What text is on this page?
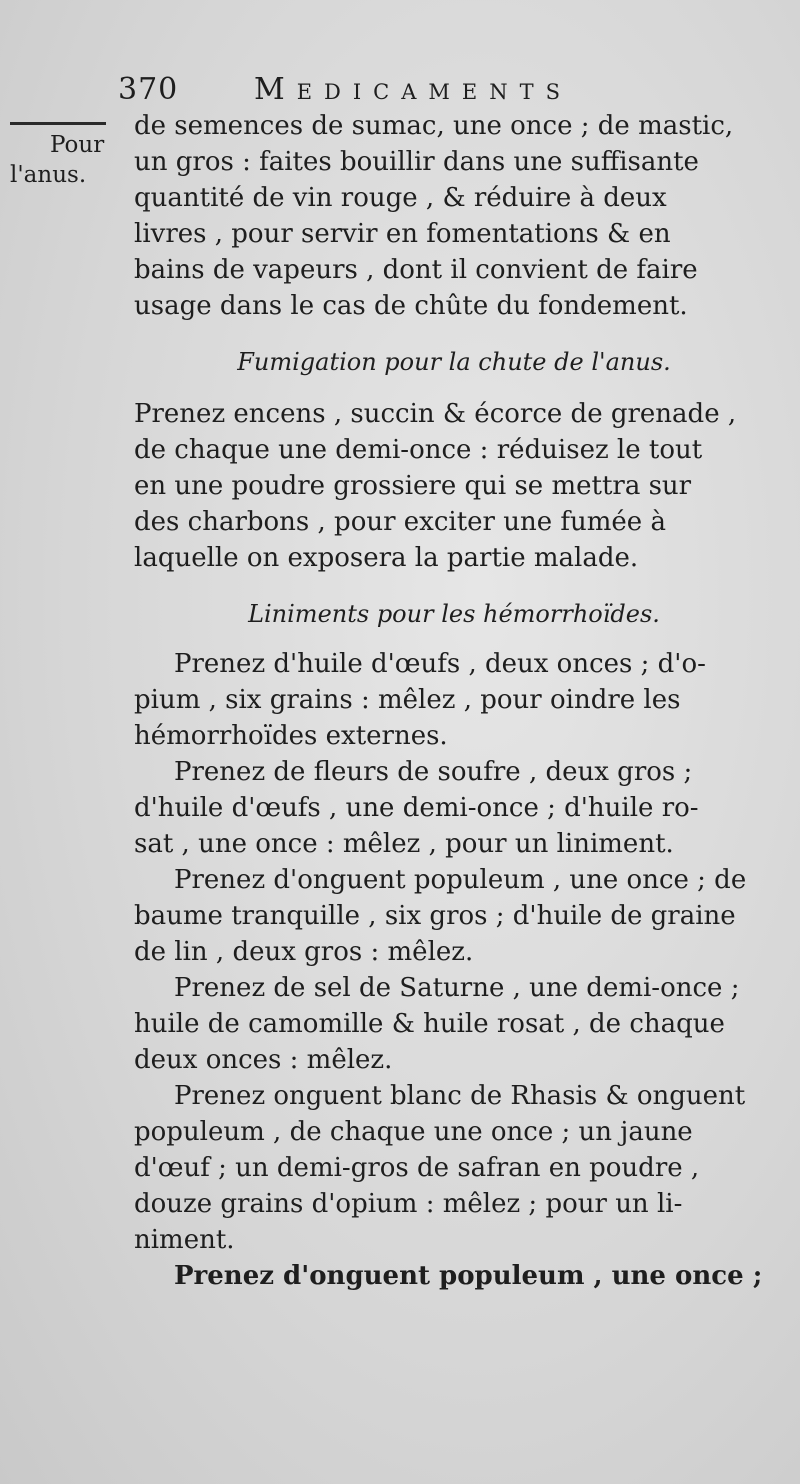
370	Medicaments
Pour
l'anus.
de semences de sumac, une once ; de mastic,
un gros : faites bouillir dans une suffisante
quantité de vin rouge , & réduire à deux
livres , pour servir en fomentations & en
bains de vapeurs , dont il convient de faire
usage dans le cas de chûte du fondement.
Fumigation pour la chute de l'anus.
Prenez encens , succin & écorce de grenade ,
de chaque une demi-once : réduisez le tout
en une poudre grossiere qui se mettra sur
des charbons , pour exciter une fumée à
laquelle on exposera la partie malade.
Liniments pour les hémorrhoïdes.
Prenez d'huile d'œufs , deux onces ; d'o-
pium , six grains : mêlez , pour oindre les
hémorrhoïdes externes.
Prenez de fleurs de soufre , deux gros ;
d'huile d'œufs , une demi-once ; d'huile ro-
sat , une once : mêlez , pour un liniment.
Prenez d'onguent populeum , une once ; de
baume tranquille , six gros ; d'huile de graine
de lin , deux gros : mêlez.
Prenez de sel de Saturne , une demi-once ;
huile de camomille & huile rosat , de chaque
deux onces : mêlez.
Prenez onguent blanc de Rhasis & onguent
populeum , de chaque une once ; un jaune
d'œuf ; un demi-gros de safran en poudre ,
douze grains d'opium : mêlez ; pour un li-
niment.
Prenez d'onguent populeum , une once ;
